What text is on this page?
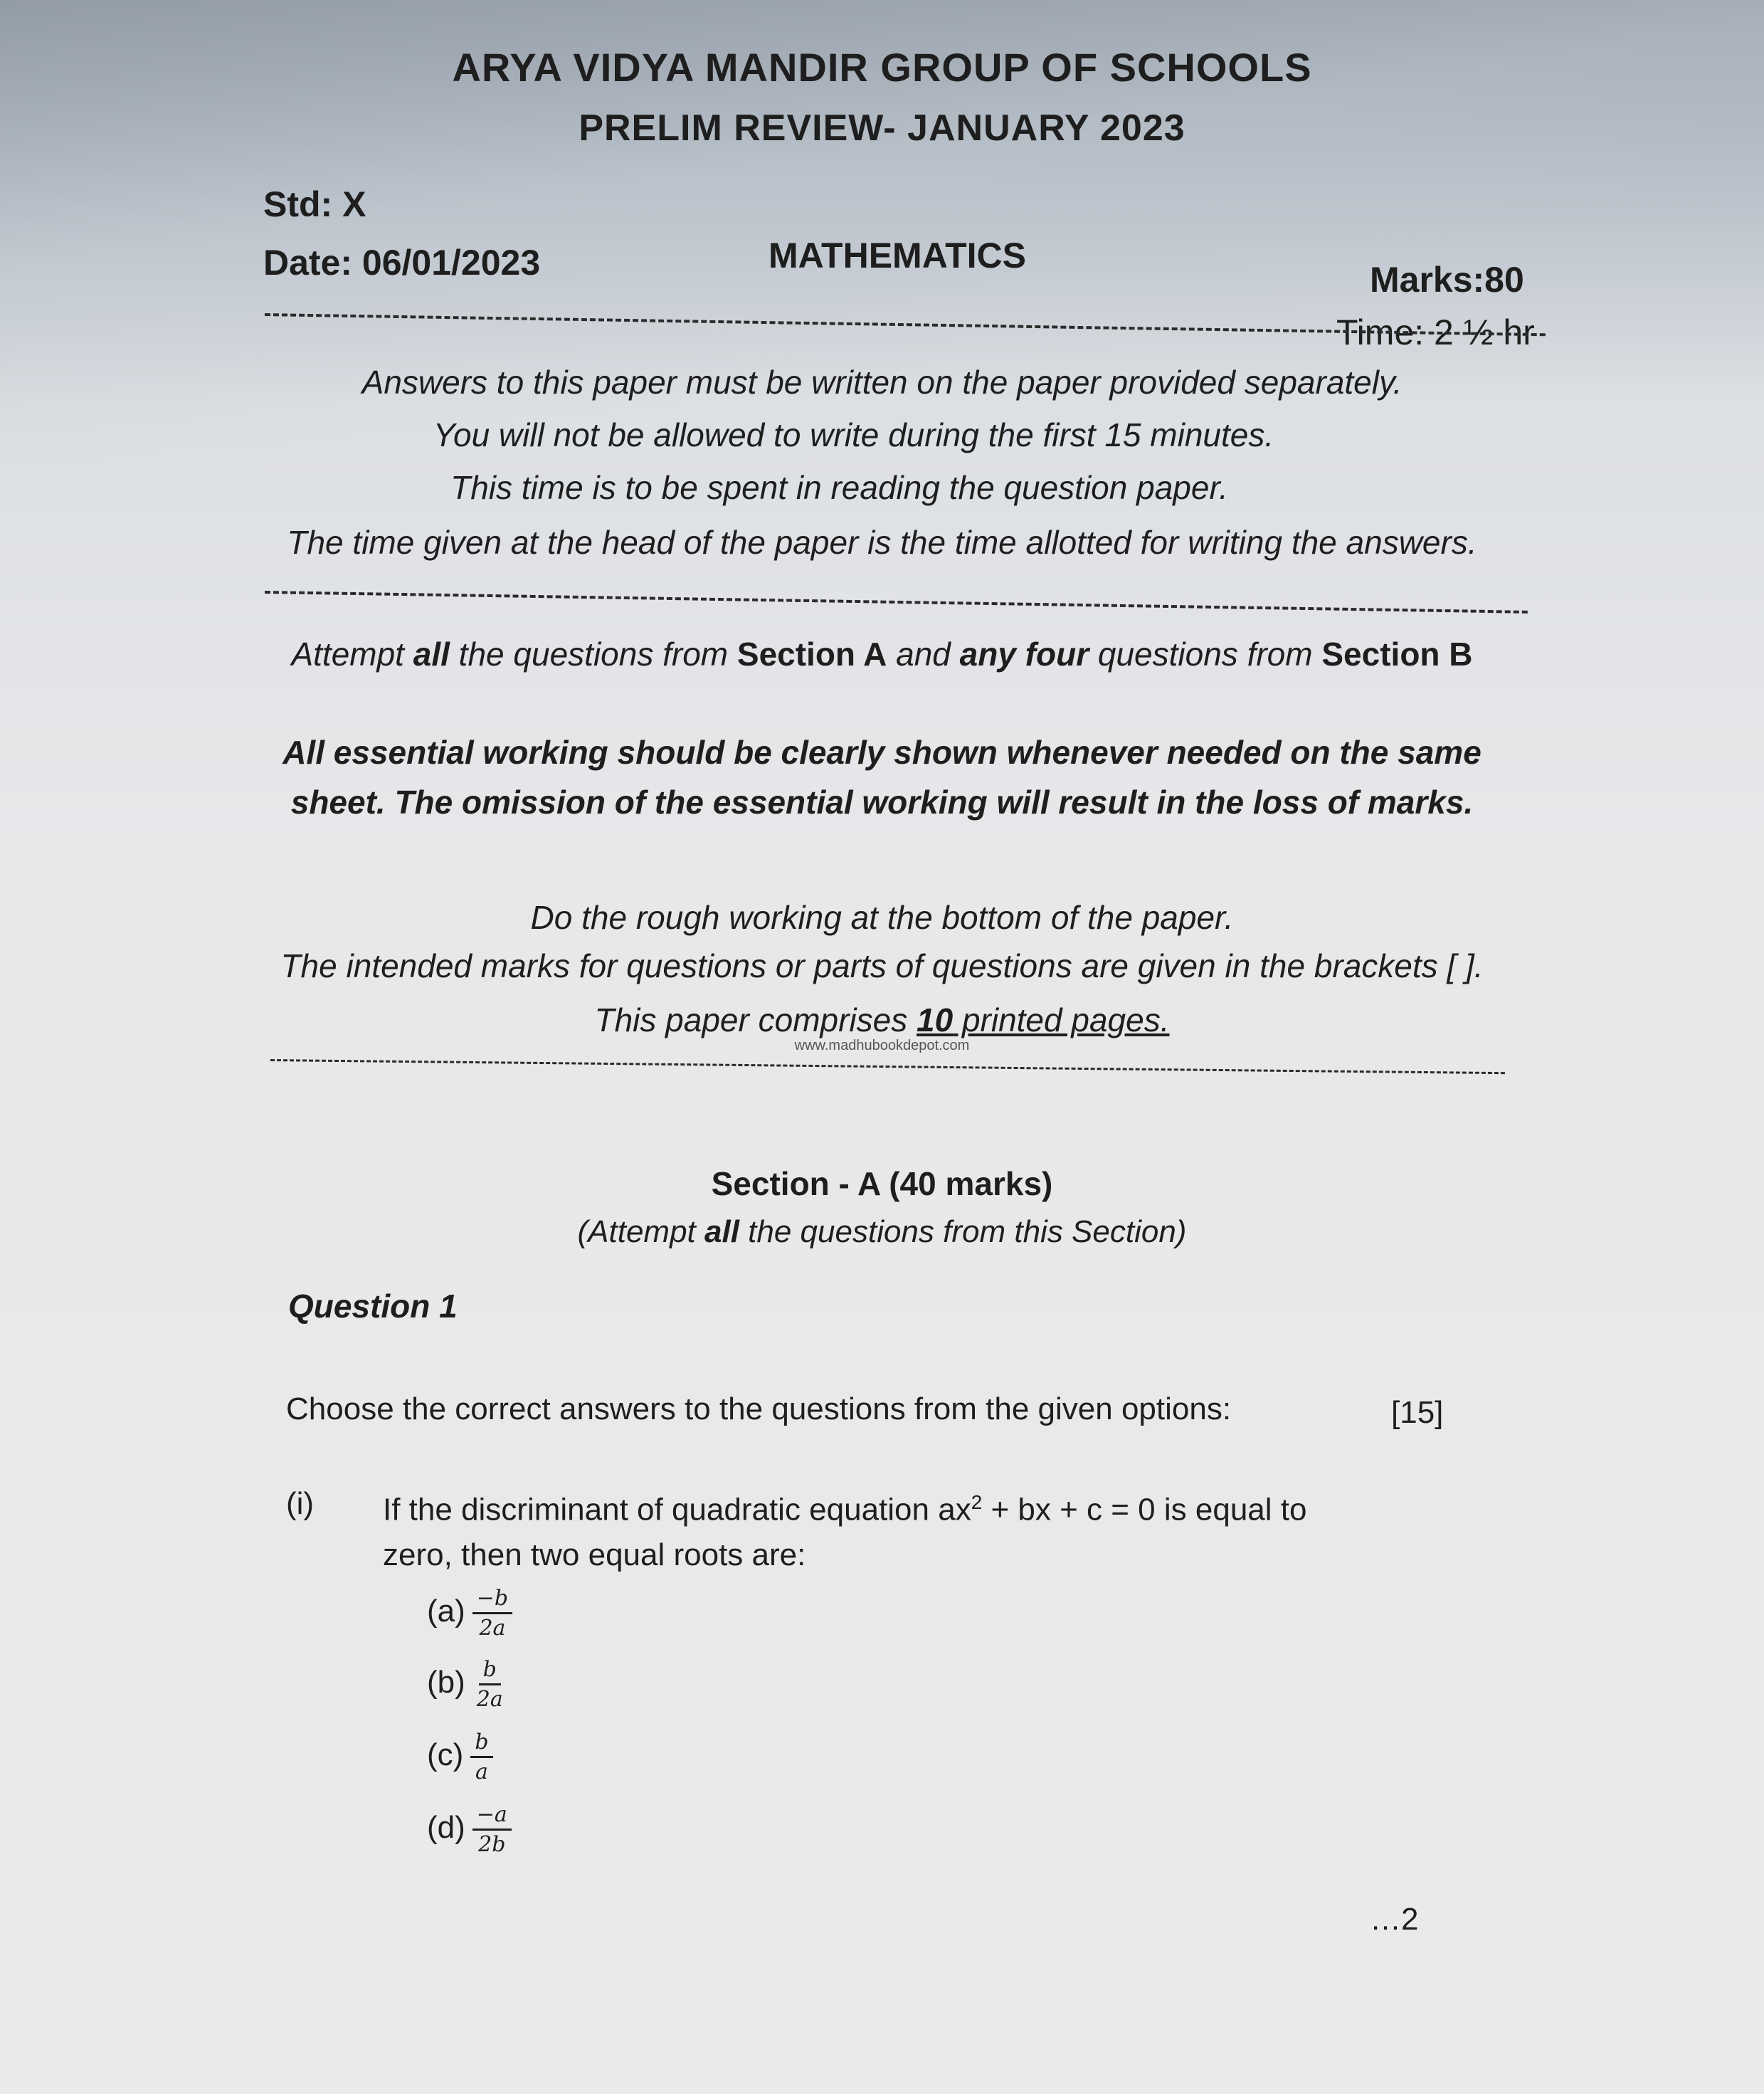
ARYA VIDYA MANDIR GROUP OF SCHOOLS
PRELIM REVIEW- JANUARY 2023
Std: X
Date: 06/01/2023	MATHEMATICS
Marks:80
Time: 2 ½ hr
Answers to this paper must be written on the paper provided separately.
You will not be allowed to write during the first 15 minutes.
This time is to be spent in reading the question paper.
The time given at the head of the paper is the time allotted for writing the answers.
Attempt all the questions from Section A and any four questions from Section B
All essential working should be clearly shown whenever needed on the same
sheet. The omission of the essential working will result in the loss of marks.
Do the rough working at the bottom of the paper.
The intended marks for questions or parts of questions are given in the brackets [ ].
This paper comprises 10 printed pages.
www.madhubookdepot.com
Section - A (40 marks)
(Attempt all the questions from this Section)
Question 1
Choose the correct answers to the questions from the given options:	[15]
(i) If the discriminant of quadratic equation $ax^2$ + bx + c = 0 is equal to
zero, then two equal roots are:
$(a) \frac{-b}{2a}$
$(b) \frac{b}{2a}$
$(c) \frac{b}{a}$
$(d) \frac{-a}{2b}$
…2
